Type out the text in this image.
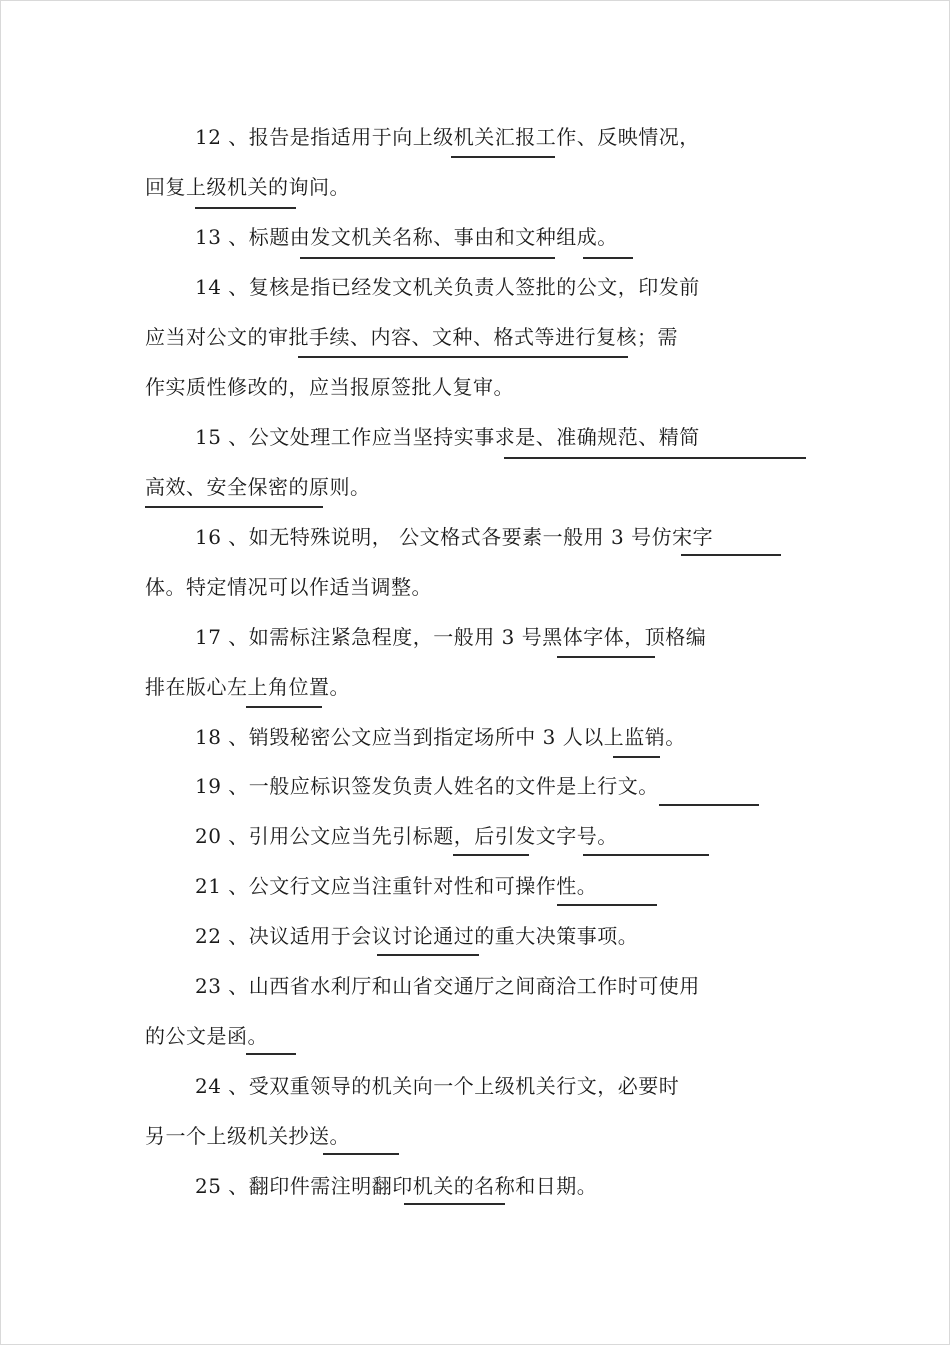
12 、报告是指适用于向上级机关汇报工作、反映情况，

回复上级机关的询问。

13 、标题由发文机关名称、事由和文种组成。

14 、复核是指已经发文机关负责人签批的公文，印发前

应当对公文的审批手续、内容、文种、格式等进行复核；需

作实质性修改的，应当报原签批人复审。

15 、公文处理工作应当坚持实事求是、准确规范、精简

高效、安全保密的原则。

16 、如无特殊说明， 公文格式各要素一般用 3 号仿宋字

体。特定情况可以作适当调整。

17 、如需标注紧急程度，一般用 3 号黑体字体，顶格编

排在版心左上角位置。

18 、销毁秘密公文应当到指定场所中 3 人以上监销。

19 、一般应标识签发负责人姓名的文件是上行文。

20 、引用公文应当先引标题，后引发文字号。

21 、公文行文应当注重针对性和可操作性。

22 、决议适用于会议讨论通过的重大决策事项。

23 、山西省水利厅和山省交通厅之间商洽工作时可使用

的公文是函。

24 、受双重领导的机关向一个上级机关行文，必要时

另一个上级机关抄送。

25 、翻印件需注明翻印机关的名称和日期。
